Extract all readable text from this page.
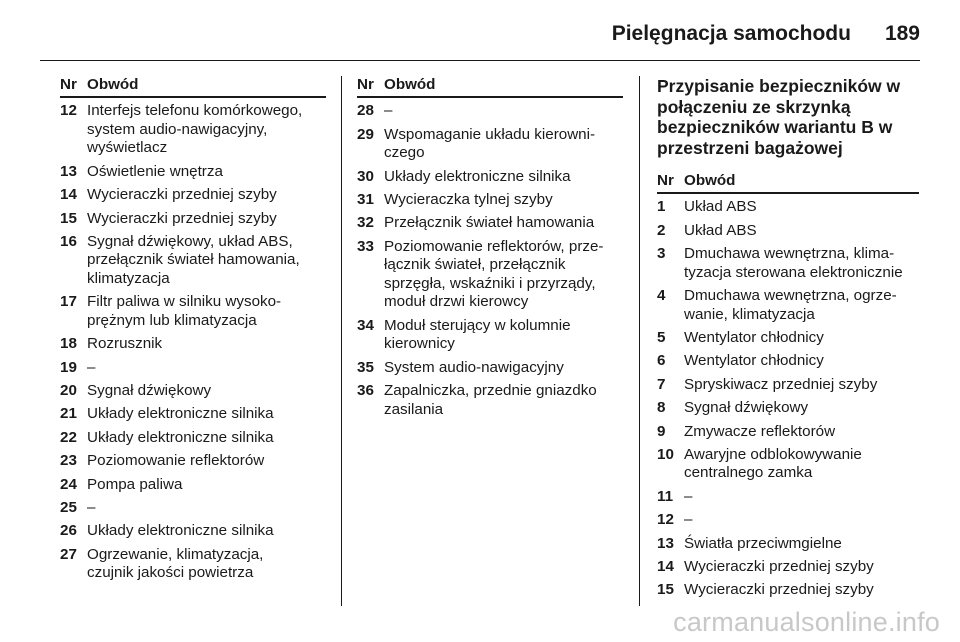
Pielęgnacja samochodu 189
Nr Obwód
12 Interfejs telefonu komórkowego,
system audio-nawigacyjny,
wyświetlacz
13 Oświetlenie wnętrza
14 Wycieraczki przedniej szyby
15 Wycieraczki przedniej szyby
16 Sygnał dźwiękowy, układ ABS,
przełącznik świateł hamowania,
klimatyzacja
17 Filtr paliwa w silniku wysoko-
prężnym lub klimatyzacja
18 Rozrusznik
19 –
20 Sygnał dźwiękowy
21 Układy elektroniczne silnika
22 Układy elektroniczne silnika
23 Poziomowanie reflektorów
24 Pompa paliwa
25 –
26 Układy elektroniczne silnika
27 Ogrzewanie, klimatyzacja,
czujnik jakości powietrza
Nr Obwód
28 –
29 Wspomaganie układu kierowni-
czego
30 Układy elektroniczne silnika
31 Wycieraczka tylnej szyby
32 Przełącznik świateł hamowania
33 Poziomowanie reflektorów, prze-
łącznik świateł, przełącznik
sprzęgła, wskaźniki i przyrządy,
moduł drzwi kierowcy
34 Moduł sterujący w kolumnie
kierownicy
35 System audio-nawigacyjny
36 Zapalniczka, przednie gniazdko
zasilania
Przypisanie bezpieczników w
połączeniu ze skrzynką
bezpieczników wariantu B w
przestrzeni bagażowej
Nr Obwód
1	Układ ABS
2	Układ ABS
3	Dmuchawa wewnętrzna, klima-
tyzacja sterowana elektronicznie
4	Dmuchawa wewnętrzna, ogrze-
wanie, klimatyzacja
5	Wentylator chłodnicy
6	Wentylator chłodnicy
7	Spryskiwacz przedniej szyby
8	Sygnał dźwiękowy
9	Zmywacze reflektorów
10 Awaryjne odblokowywanie
centralnego zamka
11 –
12 –
13 Światła przeciwmgielne
14 Wycieraczki przedniej szyby
15 Wycieraczki przedniej szyby
carmanualsonline.info
